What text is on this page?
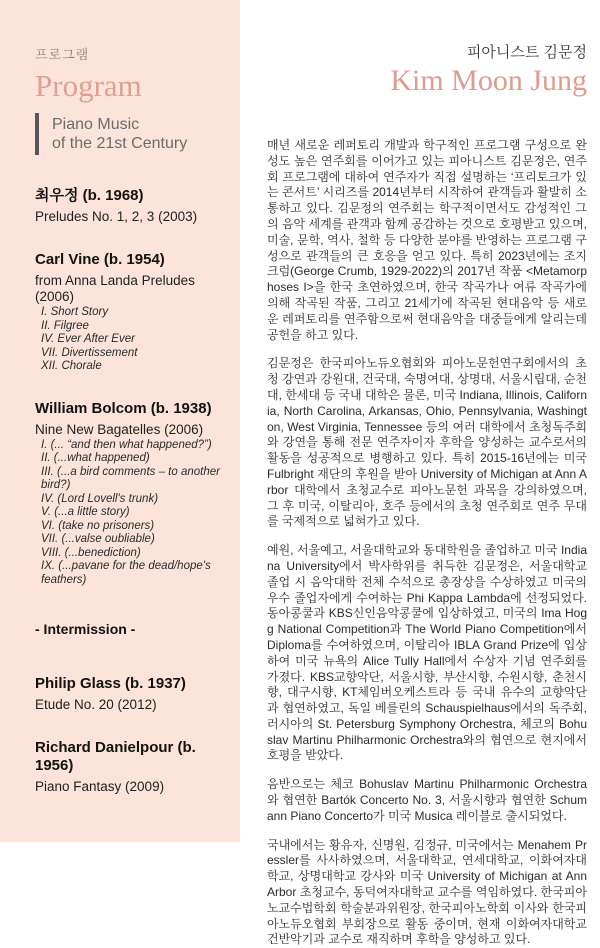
프로그램
Program
Piano Music
of the 21st Century
최우정 (b. 1968)
Preludes No. 1, 2, 3 (2003)
Carl Vine (b. 1954)
from Anna Landa Preludes (2006)
I. Short Story
II. Filgree
IV. Ever After Ever
VII. Divertissement
XII. Chorale
William Bolcom (b. 1938)
Nine New Bagatelles (2006)
I. (... “and then what happened?”)
II. (...what happened)
III. (...a bird comments – to another bird?)
IV. (Lord Lovell's trunk)
V. (...a little story)
VI. (take no prisoners)
VII. (...valse oubliable)
VIII. (...benediction)
IX. (...pavane for the dead/hope's feathers)
- Intermission -
Philip Glass (b. 1937)
Etude No. 20 (2012)
Richard Danielpour (b. 1956)
Piano Fantasy (2009)
피아니스트 김문정
Kim Moon Jung

매년 새로운 레퍼토리 개발과 학구적인 프로그램 구성으로 완성도 높은 연주회를 이어가고 있는 피아니스트 김문정은, 연주회 프로그램에 대하여 연주자가 직접 설명하는 ‘프리토크가 있는 콘서트’ 시리즈를 2014년부터 시작하여 관객들과 활발히 소통하고 있다. 김문정의 연주회는 학구적이면서도 감성적인 그의 음악 세계를 관객과 함께 공감하는 것으로 호평받고 있으며, 미술, 문학, 역사, 철학 등 다양한 분야를 반영하는 프로그램 구성으로 관객들의 큰 호응을 얻고 있다. 특히 2023년에는 조지크럼(George Crumb, 1929-2022)의 2017년 작품 <Metamorphoses I>을 한국 초연하였으며, 한국 작곡가나 여류 작곡가에 의해 작곡된 작품, 그리고 21세기에 작곡된 현대음악 등 새로운 레퍼토리를 연주함으로써 현대음악을 대중들에게 알리는데 공헌을 하고 있다.

김문정은 한국피아노듀오협회와 피아노문헌연구회에서의 초청 강연과 강원대, 건국대, 숙명여대, 상명대, 서울시립대, 순천대, 한세대 등 국내 대학은 물론, 미국 Indiana, Illinois, California, North Carolina, Arkansas, Ohio, Pennsylvania, Washington, West Virginia, Tennessee 등의 여러 대학에서 초청독주회와 강연을 통해 전문 연주자이자 후학을 양성하는 교수로서의 활동을 성공적으로 병행하고 있다. 특히 2015-16년에는 미국 Fulbright 재단의 후원을 받아 University of Michigan at Ann Arbor 대학에서 초청교수로 피아노문헌 과목을 강의하였으며, 그 후 미국, 이탈리아, 호주 등에서의 초청 연주회로 연주 무대를 국제적으로 넓혀가고 있다.

예원, 서울예고, 서울대학교와 동대학원을 졸업하고 미국 Indiana University에서 박사학위를 취득한 김문정은, 서울대학교 졸업 시 음악대학 전체 수석으로 총장상을 수상하였고 미국의 우수 졸업자에게 수여하는 Phi Kappa Lambda에 선정되었다. 동아콩쿨과 KBS신인음악콩쿨에 입상하였고, 미국의 Ima Hogg National Competition과 The World Piano Competition에서 Diploma를 수여하였으며, 이탈리아 IBLA Grand Prize에 입상하여 미국 뉴욕의 Alice Tully Hall에서 수상자 기념 연주회를 가졌다. KBS교향악단, 서울시향, 부산시향, 수원시향, 춘천시향, 대구시향, KT체임버오케스트라 등 국내 유수의 교향악단과 협연하였고, 독일 베를린의 Schauspielhaus에서의 독주회, 러시아의 St. Petersburg Symphony Orchestra, 체코의 Bohuslav Martinu Philharmonic Orchestra와의 협연으로 현지에서 호평을 받았다.

음반으로는 체코 Bohuslav Martinu Philharmonic Orchestra와 협연한 Bartók Concerto No. 3, 서울시향과 협연한 Schumann Piano Concerto가 미국 Musica 레이블로 출시되었다.

국내에서는 황유자, 신명원, 김정규, 미국에서는 Menahem Pressler를 사사하였으며, 서울대학교, 연세대학교, 이화여자대학교, 상명대학교 강사와 미국 University of Michigan at Ann Arbor 초청교수, 동덕여자대학교 교수를 역임하였다. 한국피아노교수법학회 학술분과위원장, 한국피아노학회 이사와 한국피아노듀오협회 부회장으로 활동 중이며, 현재 이화여자대학교 건반악기과 교수로 재직하며 후학을 양성하고 있다.
